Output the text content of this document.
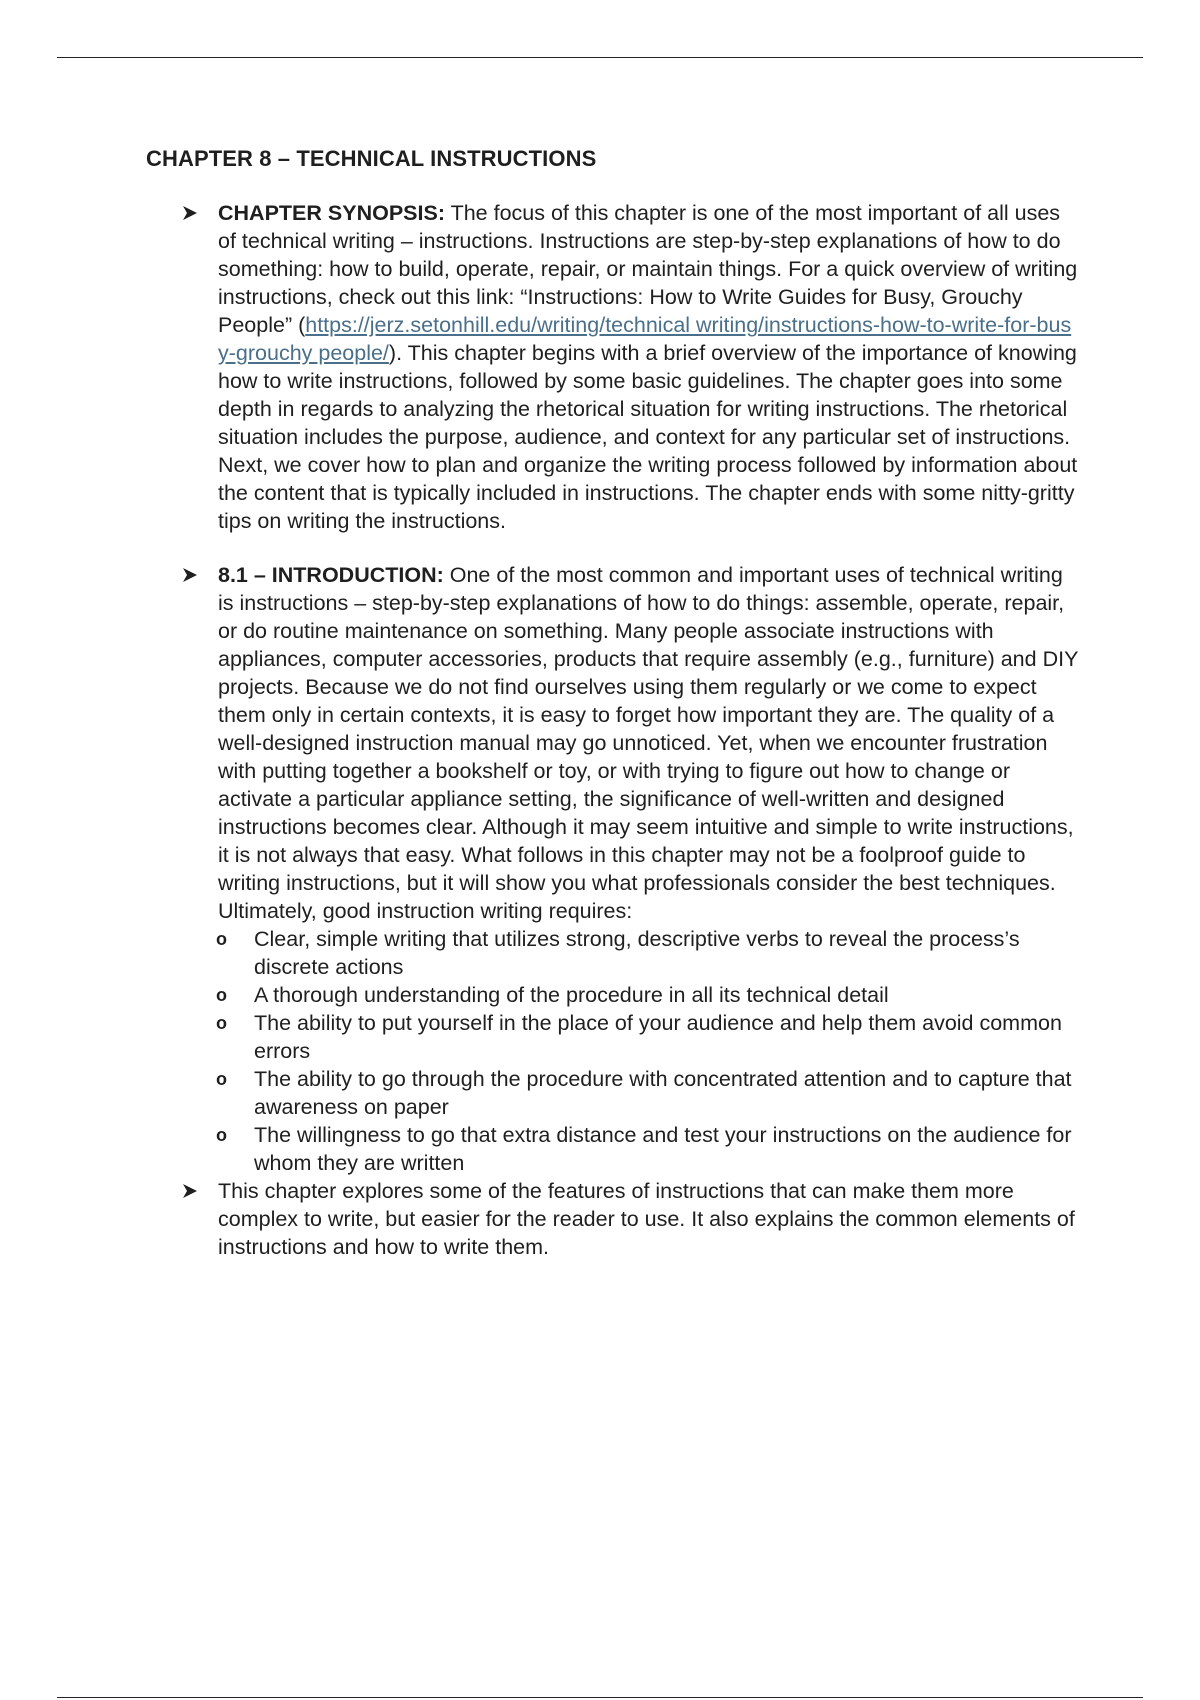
CHAPTER 8 – TECHNICAL INSTRUCTIONS
CHAPTER SYNOPSIS: The focus of this chapter is one of the most important of all uses of technical writing – instructions. Instructions are step-by-step explanations of how to do something: how to build, operate, repair, or maintain things. For a quick overview of writing instructions, check out this link: “Instructions: How to Write Guides for Busy, Grouchy People” (https://jerz.setonhill.edu/writing/technical writing/instructions-how-to-write-for-busy-grouchy people/). This chapter begins with a brief overview of the importance of knowing how to write instructions, followed by some basic guidelines. The chapter goes into some depth in regards to analyzing the rhetorical situation for writing instructions. The rhetorical situation includes the purpose, audience, and context for any particular set of instructions. Next, we cover how to plan and organize the writing process followed by information about the content that is typically included in instructions. The chapter ends with some nitty-gritty tips on writing the instructions.
8.1 – INTRODUCTION: One of the most common and important uses of technical writing is instructions – step-by-step explanations of how to do things: assemble, operate, repair, or do routine maintenance on something. Many people associate instructions with appliances, computer accessories, products that require assembly (e.g., furniture) and DIY projects. Because we do not find ourselves using them regularly or we come to expect them only in certain contexts, it is easy to forget how important they are. The quality of a well-designed instruction manual may go unnoticed. Yet, when we encounter frustration with putting together a bookshelf or toy, or with trying to figure out how to change or activate a particular appliance setting, the significance of well-written and designed instructions becomes clear. Although it may seem intuitive and simple to write instructions, it is not always that easy. What follows in this chapter may not be a foolproof guide to writing instructions, but it will show you what professionals consider the best techniques. Ultimately, good instruction writing requires:
o Clear, simple writing that utilizes strong, descriptive verbs to reveal the process’s discrete actions
o A thorough understanding of the procedure in all its technical detail
o The ability to put yourself in the place of your audience and help them avoid common errors
o The ability to go through the procedure with concentrated attention and to capture that awareness on paper
o The willingness to go that extra distance and test your instructions on the audience for whom they are written
This chapter explores some of the features of instructions that can make them more complex to write, but easier for the reader to use. It also explains the common elements of instructions and how to write them.
